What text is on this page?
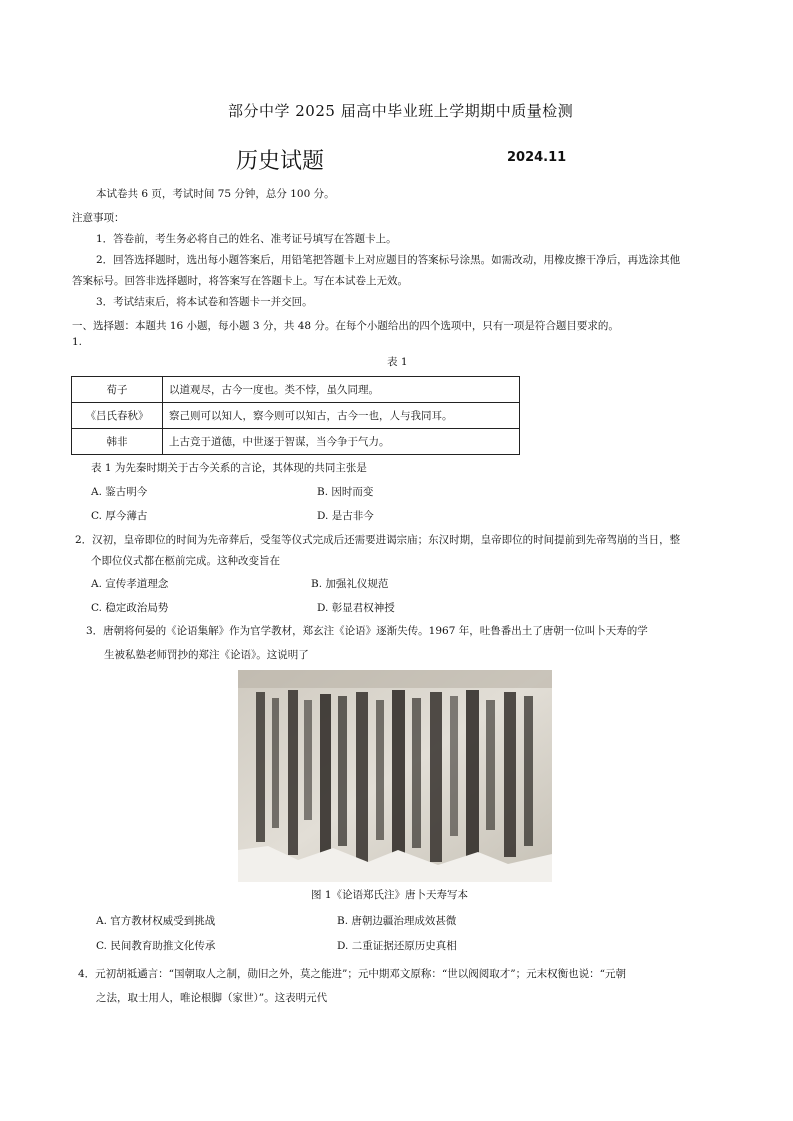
部分中学 2025 届高中毕业班上学期期中质量检测
历史试题	2024.11
本试卷共 6 页，考试时间 75 分钟，总分 100 分。
注意事项：
1．答卷前，考生务必将自己的姓名、准考证号填写在答题卡上。
2．回答选择题时，选出每小题答案后，用铅笔把答题卡上对应题目的答案标号涂黑。如需改动，用橡皮擦干净后，再选涂其他
答案标号。回答非选择题时，将答案写在答题卡上。写在本试卷上无效。
3．考试结束后，将本试卷和答题卡一并交回。
一、选择题：本题共 16 小题，每小题 3 分，共 48 分。在每个小题给出的四个选项中，只有一项是符合题目要求的。
1.
表 1
荀子	以道观尽，古今一度也。类不悖，虽久同理。
《吕氏春秋》	察己则可以知人，察今则可以知古，古今一也，人与我同耳。
韩非	上古竞于道德，中世逐于智谋，当今争于气力。
表 1 为先秦时期关于古今关系的言论，其体现的共同主张是
A. 鉴古明今	B. 因时而变
C. 厚今薄古	D. 是古非今
2．汉初，皇帝即位的时间为先帝葬后，受玺等仪式完成后还需要进谒宗庙；东汉时期，皇帝即位的时间提前到先帝驾崩的当日，整
个即位仪式都在柩前完成。这种改变旨在
A. 宣传孝道理念	B. 加强礼仪规范
C. 稳定政治局势	D. 彰显君权神授
3．唐朝将何晏的《论语集解》作为官学教材，郑玄注《论语》逐渐失传。1967 年，吐鲁番出土了唐朝一位叫卜天寿的学
生被私塾老师罚抄的郑注《论语》。这说明了
图 1《论语郑氏注》唐卜天寿写本
A. 官方教材权威受到挑战	B. 唐朝边疆治理成效甚微
C. 民间教育助推文化传承	D. 二重证据还原历史真相
4．元初胡祗遹言：“国朝取人之制，勋旧之外，莫之能进”；元中期邓文原称：“世以阀阅取才”；元末权衡也说：“元朝
之法，取士用人，唯论根脚（家世）”。这表明元代
